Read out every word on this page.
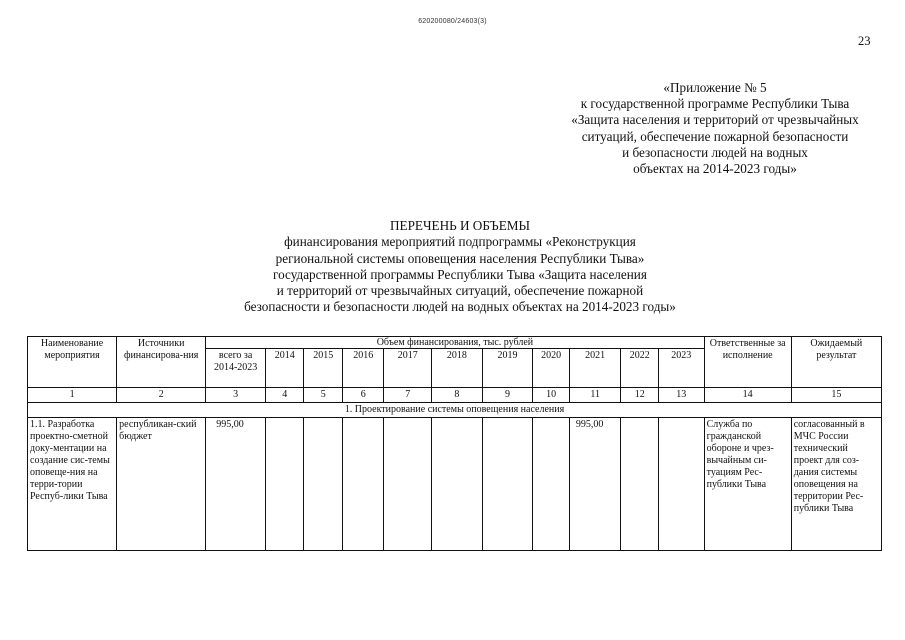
620200080/24603(3)
23
«Приложение № 5
к государственной программе Республики Тыва
«Защита населения и территорий от чрезвычайных
ситуаций, обеспечение пожарной безопасности
и безопасности людей на водных
объектах на 2014-2023 годы»
ПЕРЕЧЕНЬ И ОБЪЕМЫ
финансирования мероприятий подпрограммы «Реконструкция
региональной системы оповещения населения Республики Тыва»
государственной программы Республики Тыва «Защита населения
и территорий от чрезвычайных ситуаций, обеспечение пожарной
безопасности и безопасности людей на водных объектах на 2014-2023 годы»
Наименование мероприятия	Источники финансирова-ния	Объем финансирования, тыс. рублей											Ответственные за исполнение	Ожидаемый результат
		всего за 2014-2023	2014	2015	2016	2017	2018	2019	2020	2021	2022	2023		
1	2	3	4	5	6	7	8	9	10	11	12	13	14	15
1. Проектирование системы оповещения населения														
1.1. Разработка проектно-сметной доку-ментации на создание сис-темы оповеще-ния на терри-тории Респуб-лики Тыва	республикан-ский бюджет	995,00								995,00			Служба по гражданской обороне и чрез-вычайным си-туациям Рес-публики Тыва	согласованный в МЧС России технический проект для соз-дания системы оповещения на территории Рес-публики Тыва
